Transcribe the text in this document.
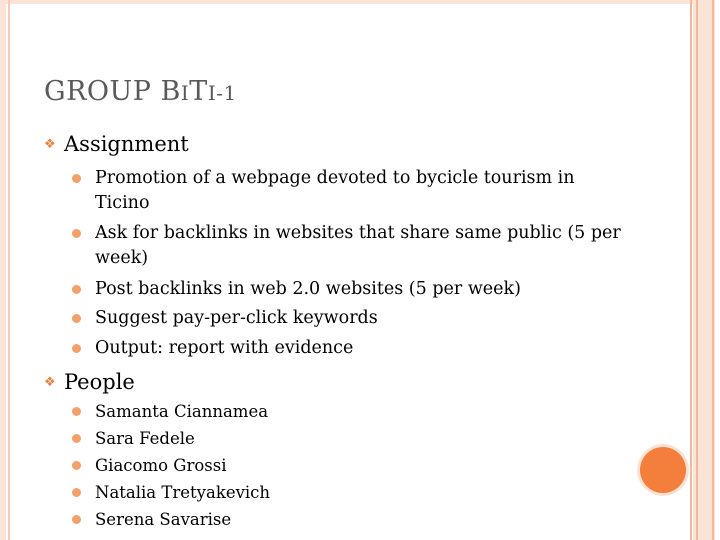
GROUP BITI-1
❖ Assignment
Promotion of a webpage devoted to bycicle tourism in Ticino
Ask for backlinks in websites that share same public (5 per week)
Post backlinks in web 2.0 websites (5 per week)
Suggest pay-per-click keywords
Output: report with evidence
❖ People
Samanta Ciannamea
Sara Fedele
Giacomo Grossi
Natalia Tretyakevich
Serena Savarise
